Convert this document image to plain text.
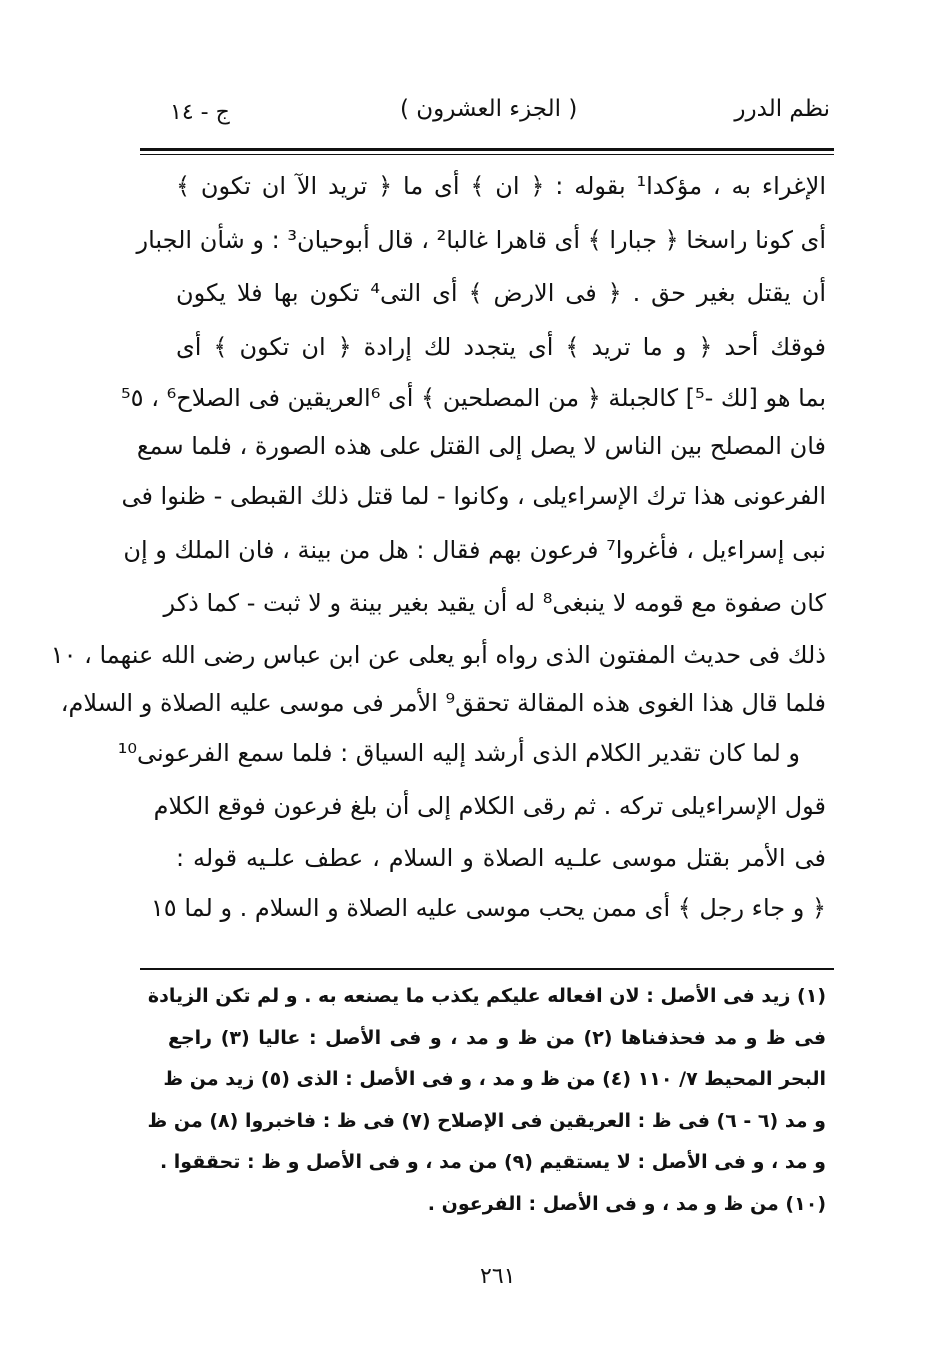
نظم الدرر
( الجزء العشرون )
ج - ١٤
الإغراء به ، مؤكدا¹ بقوله : ﴿ ان ﴾ أى ما ﴿ تريد الآ ان تكون ﴾
أى كونا راسخا ﴿ جبارا ﴾ أى قاهرا غالبا² ، قال أبوحيان³ : و شأن الجبار
أن يقتل بغير حق . ﴿ فى الارض ﴾ أى التى⁴ تكون بها فلا يكون
فوقك أحد ﴿ و ما تريد ﴾ أى يتجدد لك إرادة ﴿ ان تكون ﴾ أى
بما هو [لك -⁵] كالجبلة ﴿ من المصلحين ﴾ أى ⁶العريقين فى الصلاح⁶ ، ⁵٥
فان المصلح بين الناس لا يصل إلى القتل على هذه الصورة ، فلما سمع
الفرعونى هذا ترك الإسراءيلى ، وكانوا - لما قتل ذلك القبطى - ظنوا فى
نبى إسراءيل ، فأغروا⁷ فرعون بهم فقال : هل من بينة ، فان الملك و إن
كان صفوة مع قومه لا ينبغى⁸ له أن يقيد بغير بينة و لا ثبت - كما ذكر
ذلك فى حديث المفتون الذى رواه أبو يعلى عن ابن عباس رضى الله عنهما ، ١٠
فلما قال هذا الغوى هذه المقالة تحقق⁹ الأمر فى موسى عليه الصلاة و السلام،
و لما كان تقدير الكلام الذى أرشد إليه السياق : فلما سمع الفرعونى¹⁰
قول الإسراءيلى تركه . ثم رقى الكلام إلى أن بلغ فرعون فوقع الكلام
فى الأمر بقتل موسى علـيه الصلاة و السلام ، عطف علـيه قوله :
﴿ و جاء رجل ﴾ أى ممن يحب موسى عليه الصلاة و السلام . و لما ١٥
(١) زيد فى الأصل : لان افعاله عليكم يكذب ما يصنعه به . و لم تكن الزيادة
فى ظ و مد فحذفناها (٢) من ظ و مد ، و فى الأصل : عاليا (٣) راجع
البحر المحيط ٧/ ١١٠ (٤) من ظ و مد ، و فى الأصل : الذى (٥) زيد من ظ
و مد (٦ - ٦) فى ظ : العريقين فى الإصلاح (٧) فى ظ : فاخبروا (٨) من ظ
و مد ، و فى الأصل : لا يستقيم (٩) من مد ، و فى الأصل و ظ : تحققوا .
(١٠) من ظ و مد ، و فى الأصل : الفرعون .
٢٦١
